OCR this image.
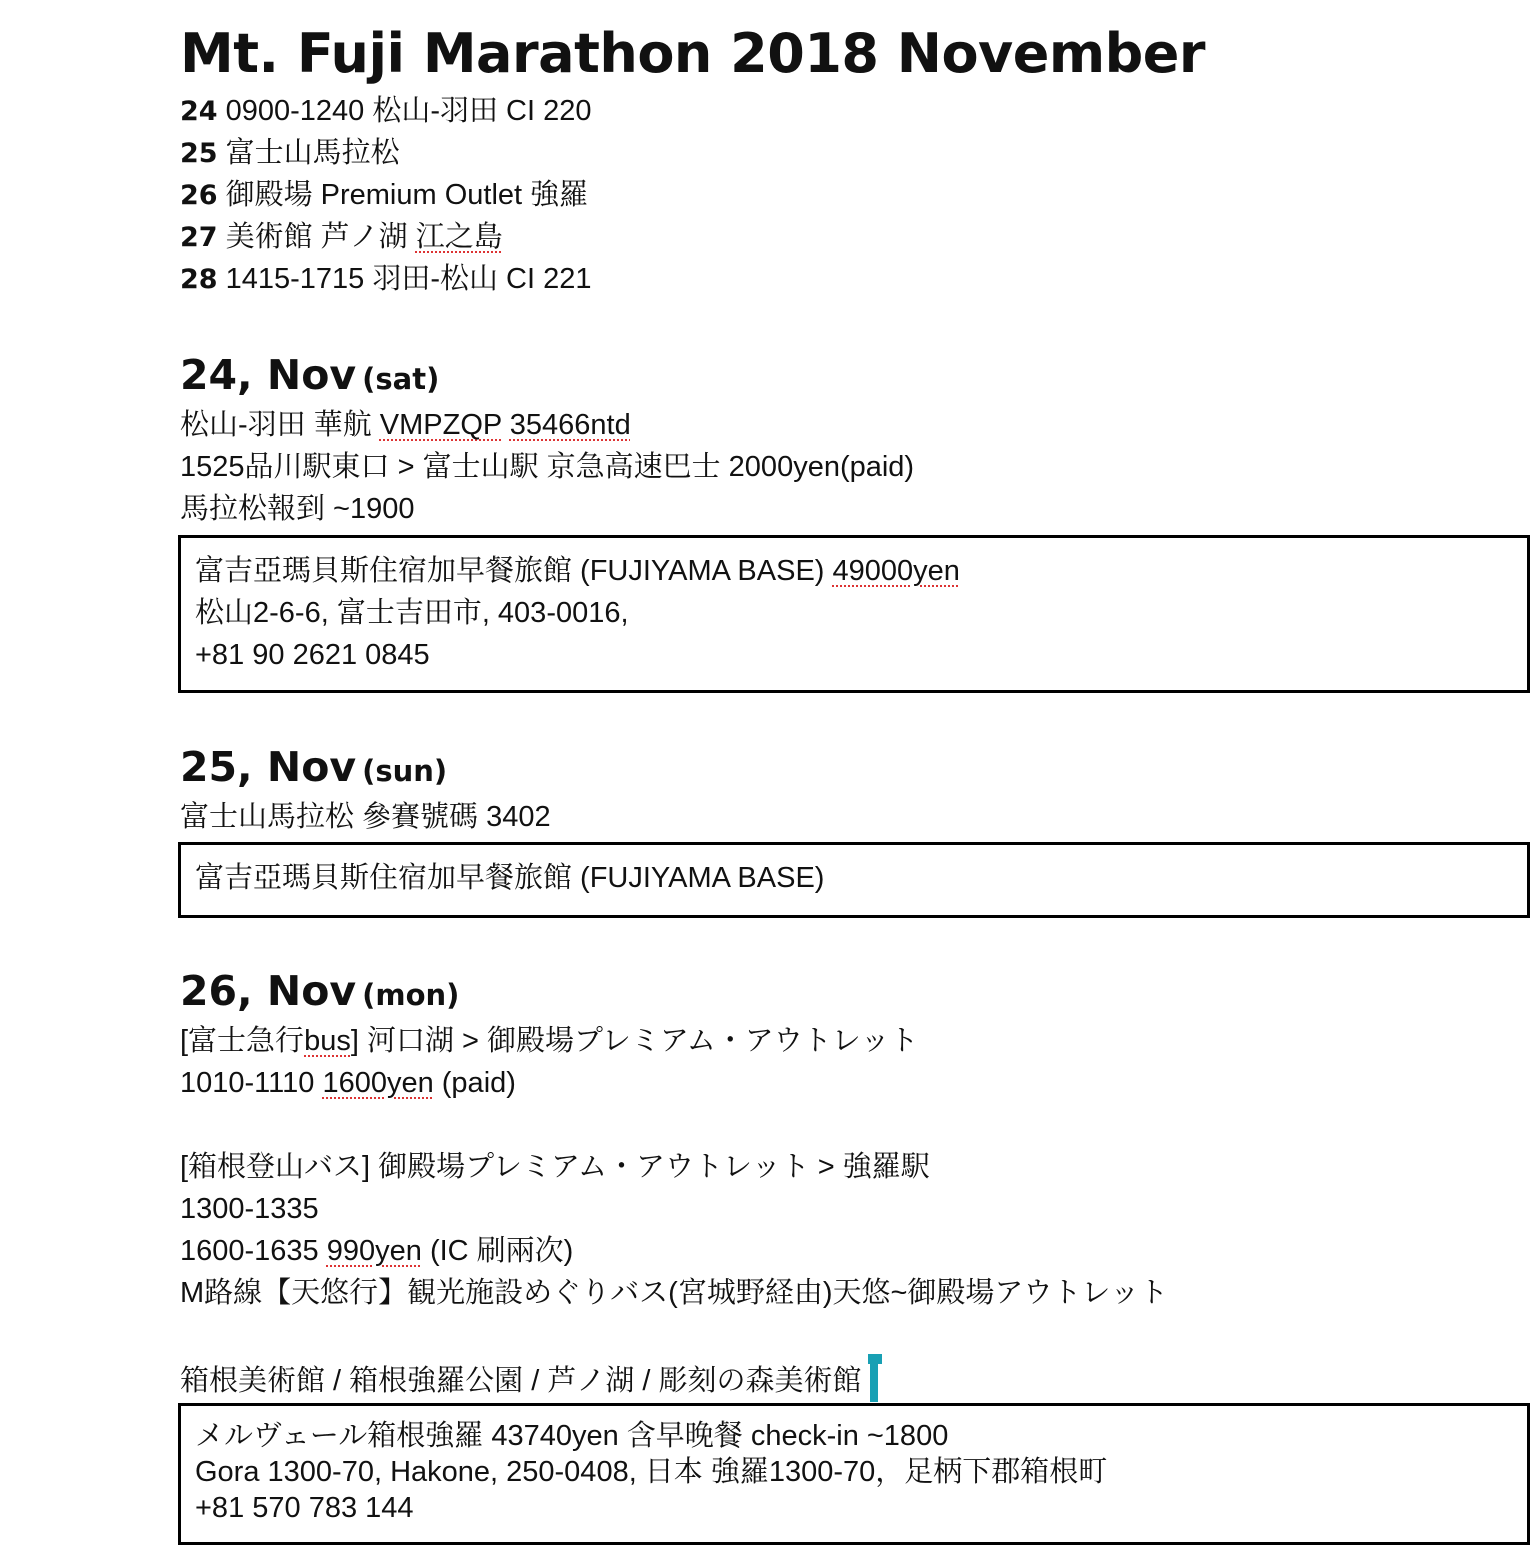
Mt. Fuji Marathon 2018 November
24 0900-1240 松山-羽田 CI 220
25 富士山馬拉松
26 御殿場 Premium Outlet 強羅
27 美術館 芦ノ湖 江之島
28 1415-1715 羽田-松山 CI 221
24, Nov (sat)
松山-羽田 華航 VMPZQP 35466ntd
1525品川駅東口 > 富士山駅 京急高速巴士 2000yen(paid)
馬拉松報到 ~1900
富吉亞瑪貝斯住宿加早餐旅館 (FUJIYAMA BASE) 49000yen
松山2-6-6, 富士吉田市, 403-0016,
+81 90 2621 0845
25, Nov (sun)
富士山馬拉松 參賽號碼 3402
富吉亞瑪貝斯住宿加早餐旅館 (FUJIYAMA BASE)
26, Nov (mon)
[富士急行bus] 河口湖 > 御殿場プレミアム・アウトレット
1010-1110 1600yen (paid)
[箱根登山バス] 御殿場プレミアム・アウトレット > 強羅駅
1300-1335
1600-1635 990yen (IC 刷兩次)
M路線【天悠行】観光施設めぐりバス(宮城野経由)天悠~御殿場アウトレット
箱根美術館 / 箱根強羅公園 / 芦ノ湖 / 彫刻の森美術館
メルヴェール箱根強羅 43740yen 含早晚餐 check-in ~1800
Gora 1300-70, Hakone, 250-0408, 日本 強羅1300-70，足柄下郡箱根町
+81 570 783 144
